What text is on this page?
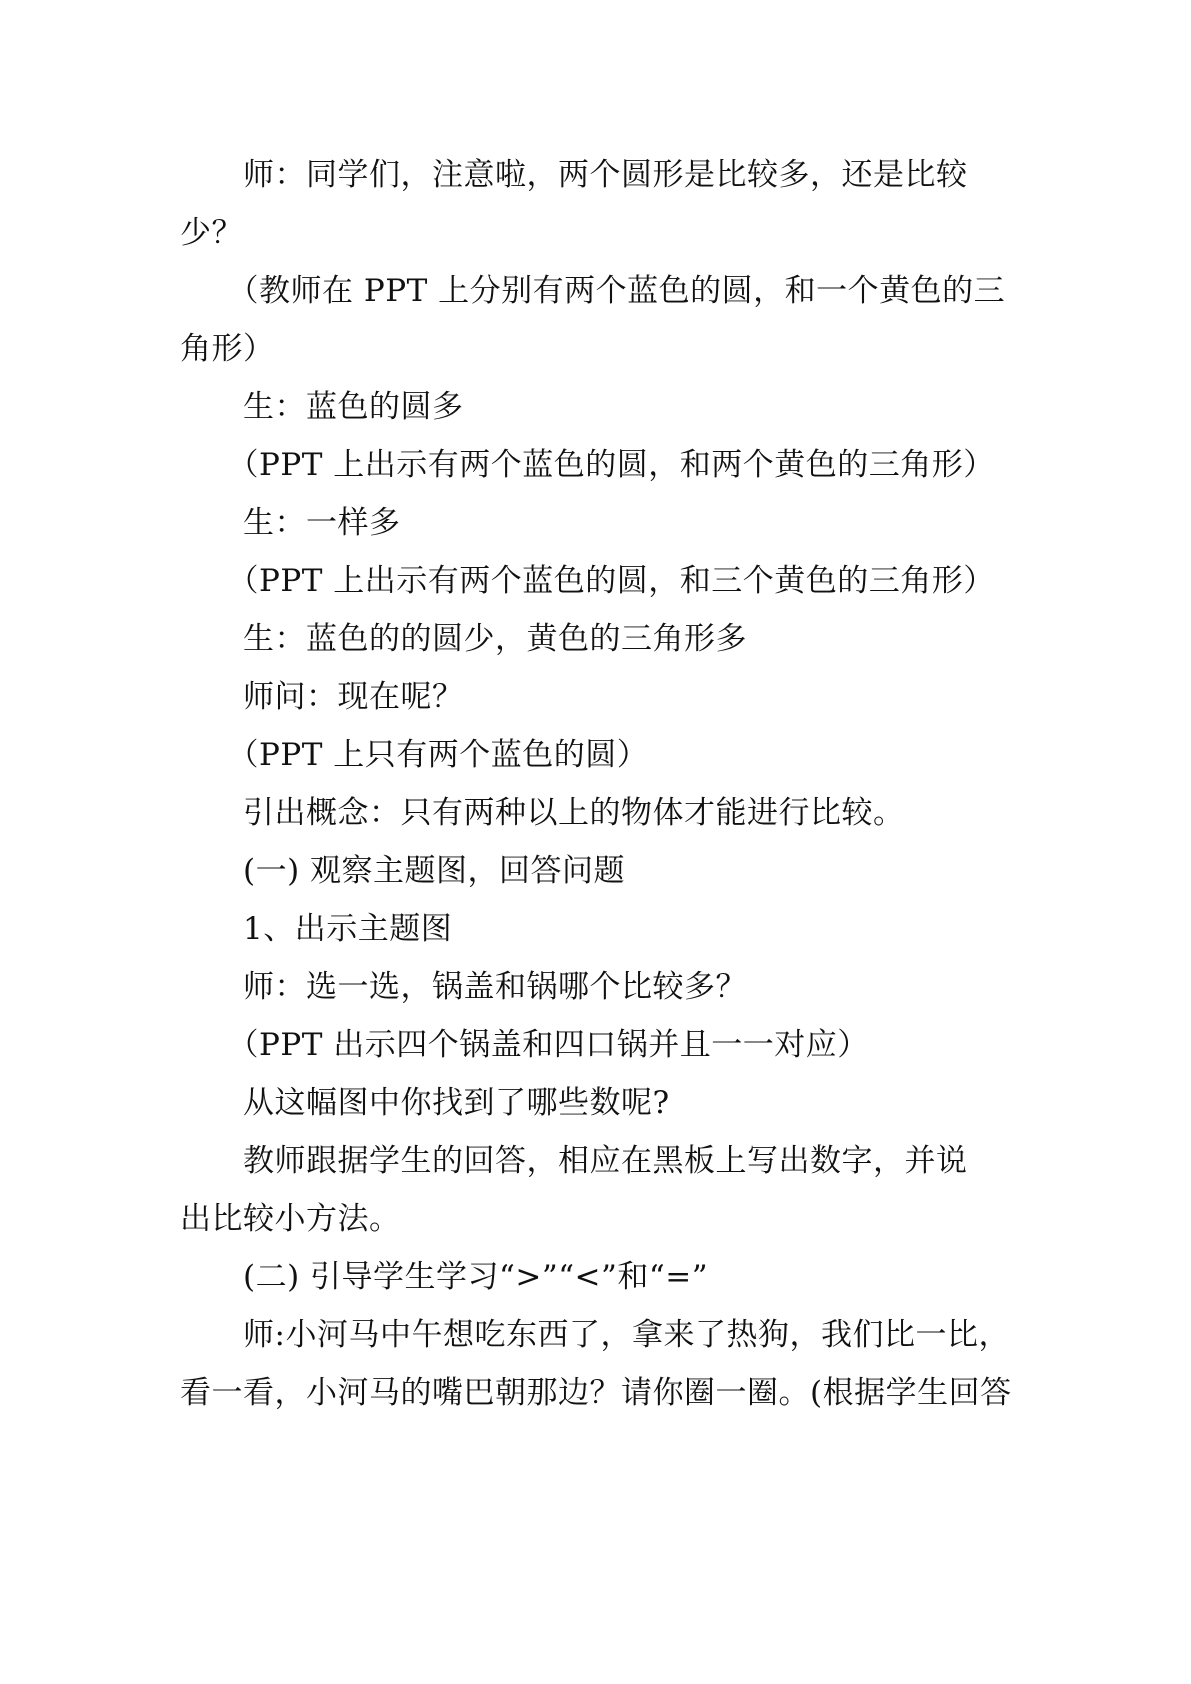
　　师：同学们，注意啦，两个圆形是比较多，还是比较
少？
　　（教师在 PPT 上分别有两个蓝色的圆，和一个黄色的三
角形）
　　生：蓝色的圆多
　　（PPT 上出示有两个蓝色的圆，和两个黄色的三角形）
　　生：一样多
　　（PPT 上出示有两个蓝色的圆，和三个黄色的三角形）
　　生：蓝色的的圆少，黄色的三角形多
　　师问：现在呢？
　　（PPT 上只有两个蓝色的圆）
　　引出概念：只有两种以上的物体才能进行比较。
　　(一) 观察主题图，回答问题
　　1、出示主题图
　　师：选一选，锅盖和锅哪个比较多？
　　（PPT 出示四个锅盖和四口锅并且一一对应）
　　从这幅图中你找到了哪些数呢?
　　教师跟据学生的回答，相应在黑板上写出数字，并说
出比较小方法。
　　(二) 引导学生学习“>”“<”和“=”
　　师:小河马中午想吃东西了，拿来了热狗，我们比一比，
看一看，小河马的嘴巴朝那边？请你圈一圈。(根据学生回答
